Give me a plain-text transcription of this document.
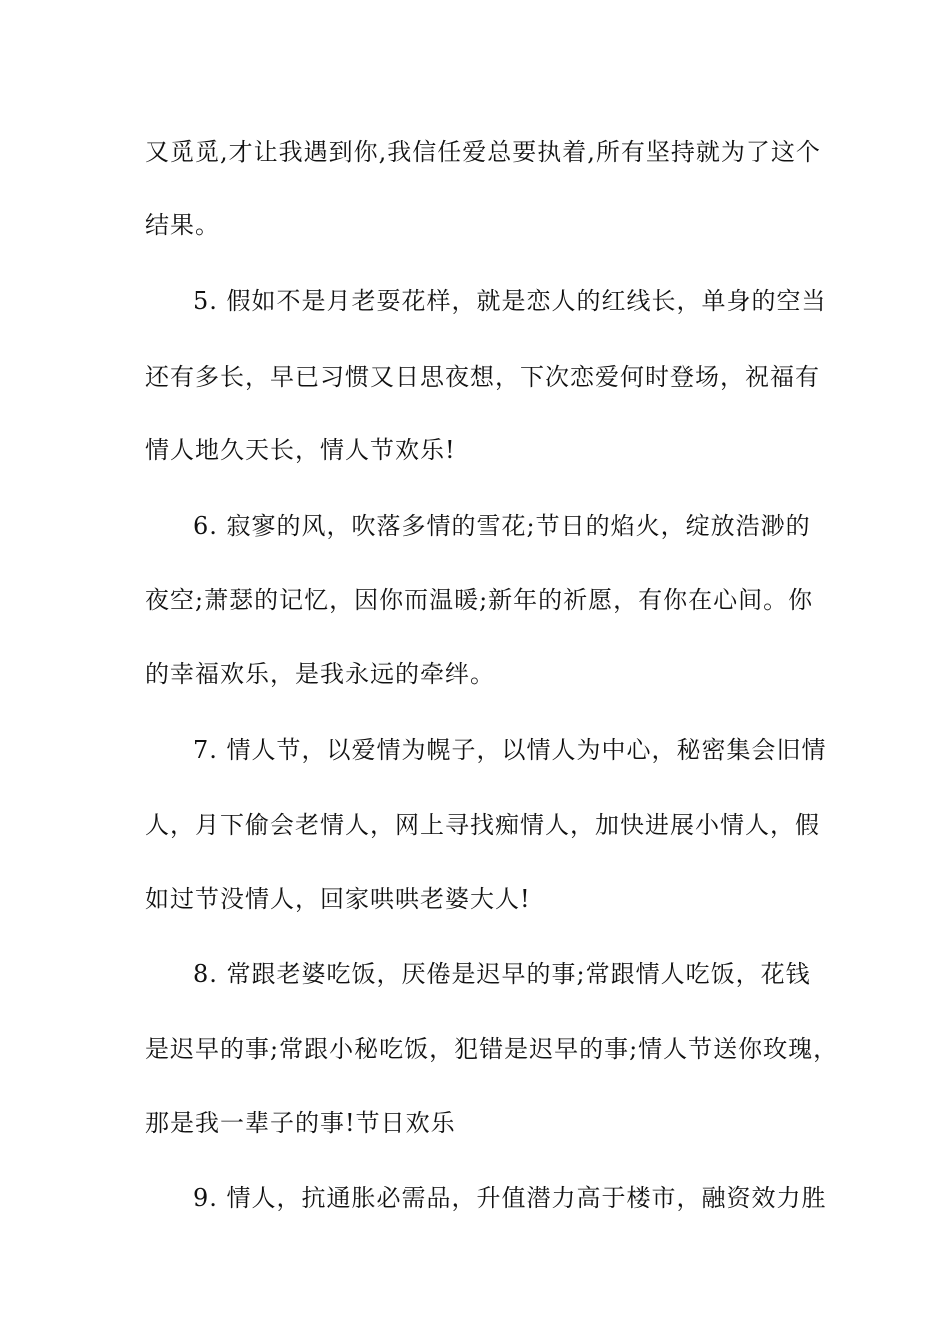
又觅觅,才让我遇到你,我信任爱总要执着,所有坚持就为了这个
结果。
5. 假如不是月老耍花样，就是恋人的红线长，单身的空当
还有多长，早已习惯又日思夜想，下次恋爱何时登场，祝福有
情人地久天长，情人节欢乐!
6. 寂寥的风，吹落多情的雪花;节日的焰火，绽放浩渺的
夜空;萧瑟的记忆，因你而温暖;新年的祈愿，有你在心间。你
的幸福欢乐，是我永远的牵绊。
7. 情人节，以爱情为幌子，以情人为中心，秘密集会旧情
人，月下偷会老情人，网上寻找痴情人，加快进展小情人，假
如过节没情人，回家哄哄老婆大人!
8. 常跟老婆吃饭，厌倦是迟早的事;常跟情人吃饭，花钱
是迟早的事;常跟小秘吃饭，犯错是迟早的事;情人节送你玫瑰，
那是我一辈子的事!节日欢乐
9. 情人，抗通胀必需品，升值潜力高于楼市，融资效力胜
